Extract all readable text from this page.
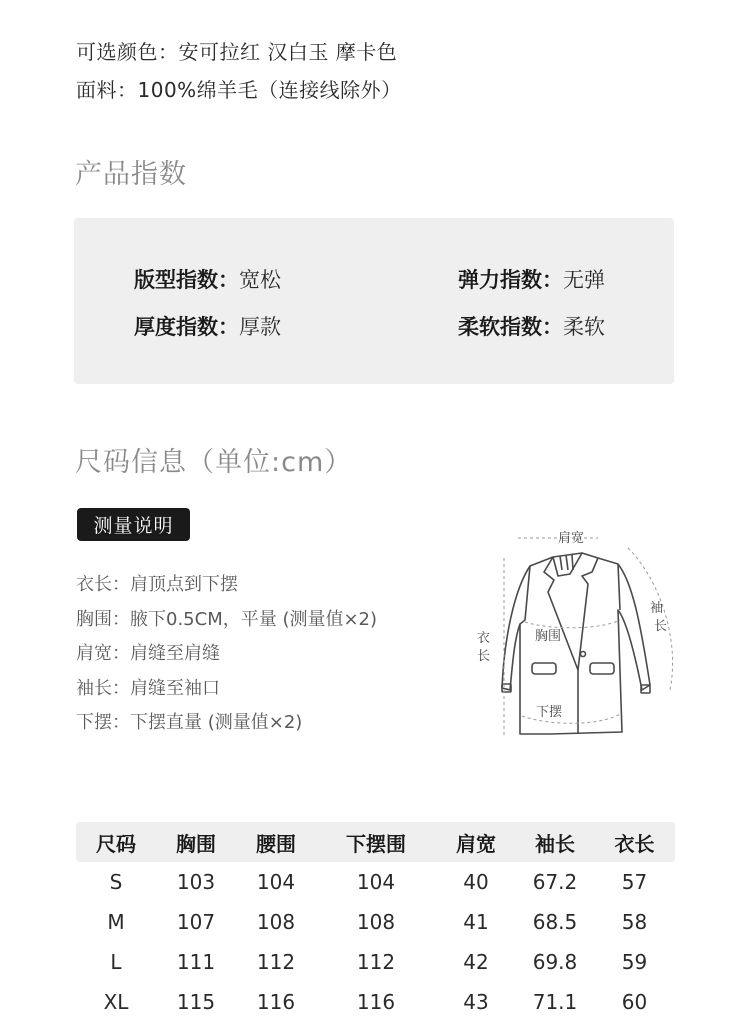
可选颜色：安可拉红 汉白玉 摩卡色
面料：100%绵羊毛（连接线除外）
产品指数
版型指数：宽松	弹力指数：无弹
厚度指数：厚款	柔软指数：柔软
尺码信息（单位:cm）
测量说明
衣长：肩顶点到下摆
胸围：腋下0.5CM，平量 (测量值×2)
肩宽：肩缝至肩缝
袖长：肩缝至袖口
下摆：下摆直量 (测量值×2)
肩宽
袖
长
衣
长
胸围
下摆
尺码	胸围	腰围	下摆围	肩宽	袖长	衣长
S	103	104	104	40	67.2	57
M	107	108	108	41	68.5	58
L	111	112	112	42	69.8	59
XL	115	116	116	43	71.1	60
